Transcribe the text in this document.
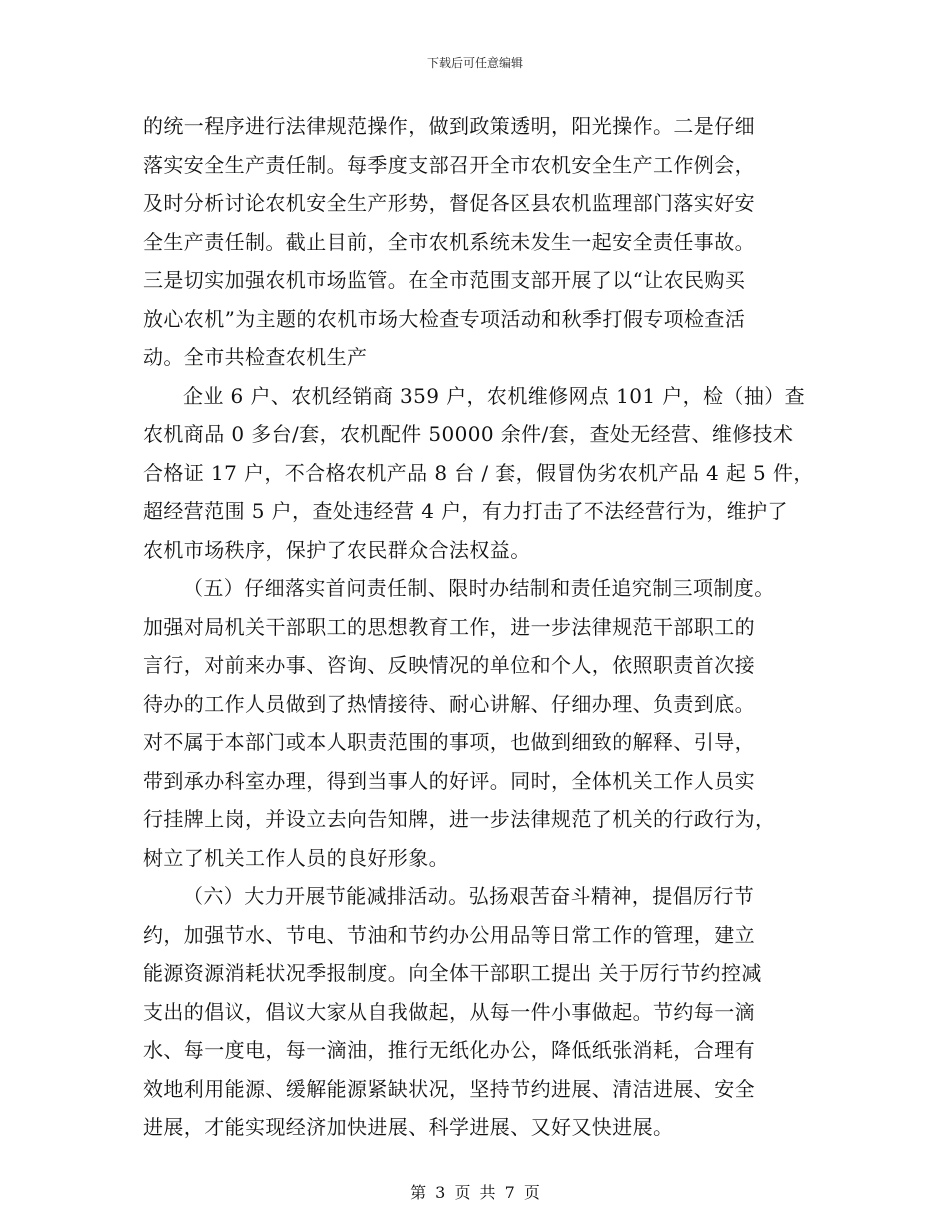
下载后可任意编辑
的统一程序进行法律规范操作，做到政策透明，阳光操作。二是仔细
落实安全生产责任制。每季度支部召开全市农机安全生产工作例会，
及时分析讨论农机安全生产形势，督促各区县农机监理部门落实好安
全生产责任制。截止目前，全市农机系统未发生一起安全责任事故。
三是切实加强农机市场监管。在全市范围支部开展了以“让农民购买
放心农机”为主题的农机市场大检查专项活动和秋季打假专项检查活
动。全市共检查农机生产
企业 6 户、农机经销商 359 户，农机维修网点 101 户，检（抽）查
农机商品 0 多台/套，农机配件 50000 余件/套，查处无经营、维修技术
合格证 17 户，不合格农机产品 8 台 / 套，假冒伪劣农机产品 4 起 5 件，
超经营范围 5 户，查处违经营 4 户，有力打击了不法经营行为，维护了
农机市场秩序，保护了农民群众合法权益。
（五）仔细落实首问责任制、限时办结制和责任追究制三项制度。
加强对局机关干部职工的思想教育工作，进一步法律规范干部职工的
言行，对前来办事、咨询、反映情况的单位和个人，依照职责首次接
待办的工作人员做到了热情接待、耐心讲解、仔细办理、负责到底。
对不属于本部门或本人职责范围的事项，也做到细致的解释、引导，
带到承办科室办理，得到当事人的好评。同时，全体机关工作人员实
行挂牌上岗，并设立去向告知牌，进一步法律规范了机关的行政行为，
树立了机关工作人员的良好形象。
（六）大力开展节能减排活动。弘扬艰苦奋斗精神，提倡厉行节
约，加强节水、节电、节油和节约办公用品等日常工作的管理，建立
能源资源消耗状况季报制度。向全体干部职工提出 关于厉行节约控减
支出的倡议，倡议大家从自我做起，从每一件小事做起。节约每一滴
水、每一度电，每一滴油，推行无纸化办公，降低纸张消耗，合理有
效地利用能源、缓解能源紧缺状况，坚持节约进展、清洁进展、安全
进展，才能实现经济加快进展、科学进展、又好又快进展。
第 3 页 共 7 页
